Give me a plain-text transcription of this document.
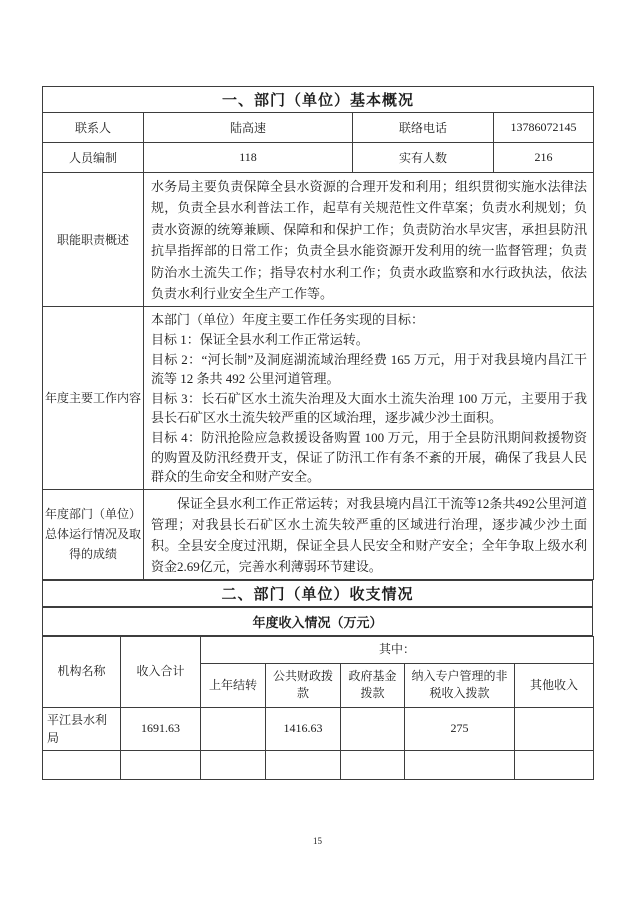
一、部门（单位）基本概况			
联系人	陆高速	联络电话	13786072145
人员编制	118	实有人数	216
职能职责概述	水务局主要负责保障全县水资源的合理开发和利用；组织贯彻实施水法律法规，负责全县水利普法工作，起草有关规范性文件草案；负责水利规划；负责水资源的统筹兼顾、保障和和保护工作；负责防治水旱灾害，承担县防汛抗旱指挥部的日常工作；负责全县水能资源开发利用的统一监督管理；负责防治水土流失工作；指导农村水利工作；负责水政监察和水行政执法，依法负责水利行业安全生产工作等。		
年度主要工作内容	本部门（单位）年度主要工作任务实现的目标：
目标 1：保证全县水利工作正常运转。
目标 2：“河长制”及洞庭湖流域治理经费 165 万元，用于对我县境内昌江干流等 12 条共 492 公里河道管理。
目标 3：长石矿区水土流失治理及大面水土流失治理 100 万元，主要用于我县长石矿区水土流失较严重的区域治理，逐步减少沙土面积。
目标 4：防汛抢险应急救援设备购置 100 万元，用于全县防汛期间救援物资的购置及防汛经费开支，保证了防汛工作有条不紊的开展，确保了我县人民群众的生命安全和财产安全。		

年度部门（单位）总体运行情况及取得的成绩	保证全县水利工作正常运转；对我县境内昌江干流等12条共492公里河道管理；对我县长石矿区水土流失较严重的区域进行治理，逐步减少沙土面积。全县安全度过汛期，保证全县人民安全和财产安全；全年争取上级水利资金2.69亿元，完善水利薄弱环节建设。		
二、部门（单位）收支情况
年度收入情况（万元）
机构名称	收入合计	其中：				
		上年结转	公共财政拨款	政府基金拨款	纳入专户管理的非税收入拨款	其他收入
平江县水利局	1691.63		1416.63		275	

15
